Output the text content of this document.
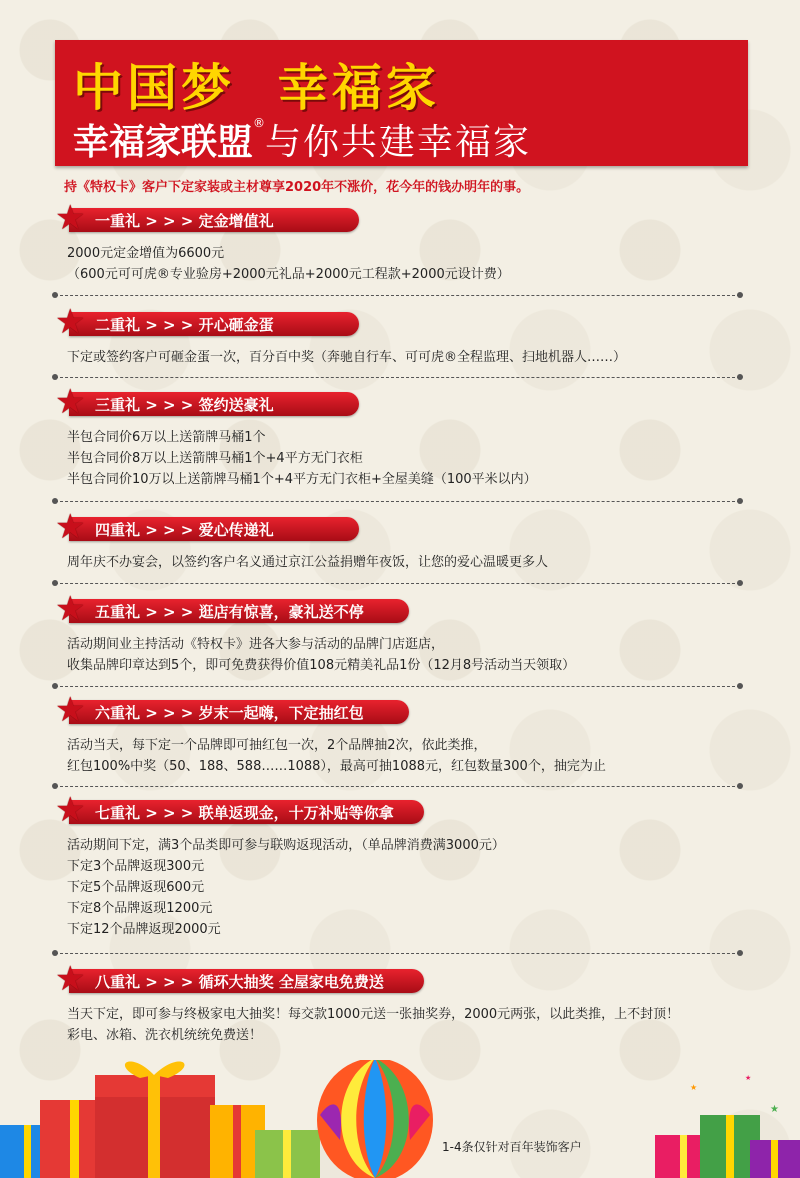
中国梦  幸福家
幸福家联盟®与你共建幸福家
持《特权卡》客户下定家装或主材尊享2020年不涨价，花今年的钱办明年的事。
★ 一重礼 > > > 定金增值礼
2000元定金增值为6600元
（600元可可虎®专业验房+2000元礼品+2000元工程款+2000元设计费）
★ 二重礼 > > > 开心砸金蛋
下定或签约客户可砸金蛋一次，百分百中奖（奔驰自行车、可可虎®全程监理、扫地机器人……）
★ 三重礼 > > > 签约送豪礼
半包合同价6万以上送箭牌马桶1个
半包合同价8万以上送箭牌马桶1个+4平方无门衣柜
半包合同价10万以上送箭牌马桶1个+4平方无门衣柜+全屋美缝（100平米以内）
★ 四重礼 > > > 爱心传递礼
周年庆不办宴会，以签约客户名义通过京江公益捐赠年夜饭，让您的爱心温暖更多人
★ 五重礼 > > > 逛店有惊喜，豪礼送不停
活动期间业主持活动《特权卡》进各大参与活动的品牌门店逛店，
收集品牌印章达到5个，即可免费获得价值108元精美礼品1份（12月8号活动当天领取）
★ 六重礼 > > > 岁末一起嗨，下定抽红包
活动当天，每下定一个品牌即可抽红包一次，2个品牌抽2次，依此类推，
红包100%中奖（50、188、588……1088），最高可抽1088元，红包数量300个，抽完为止
★ 七重礼 > > > 联单返现金，十万补贴等你拿
活动期间下定，满3个品类即可参与联购返现活动，（单品牌消费满3000元）
下定3个品牌返现300元
下定5个品牌返现600元
下定8个品牌返现1200元
下定12个品牌返现2000元
★ 八重礼 > > > 循环大抽奖 全屋家电免费送
当天下定，即可参与终极家电大抽奖！每交款1000元送一张抽奖券，2000元两张，以此类推，上不封顶！
彩电、冰箱、洗衣机统统免费送！
★
★
★
1-4条仅针对百年装饰客户
